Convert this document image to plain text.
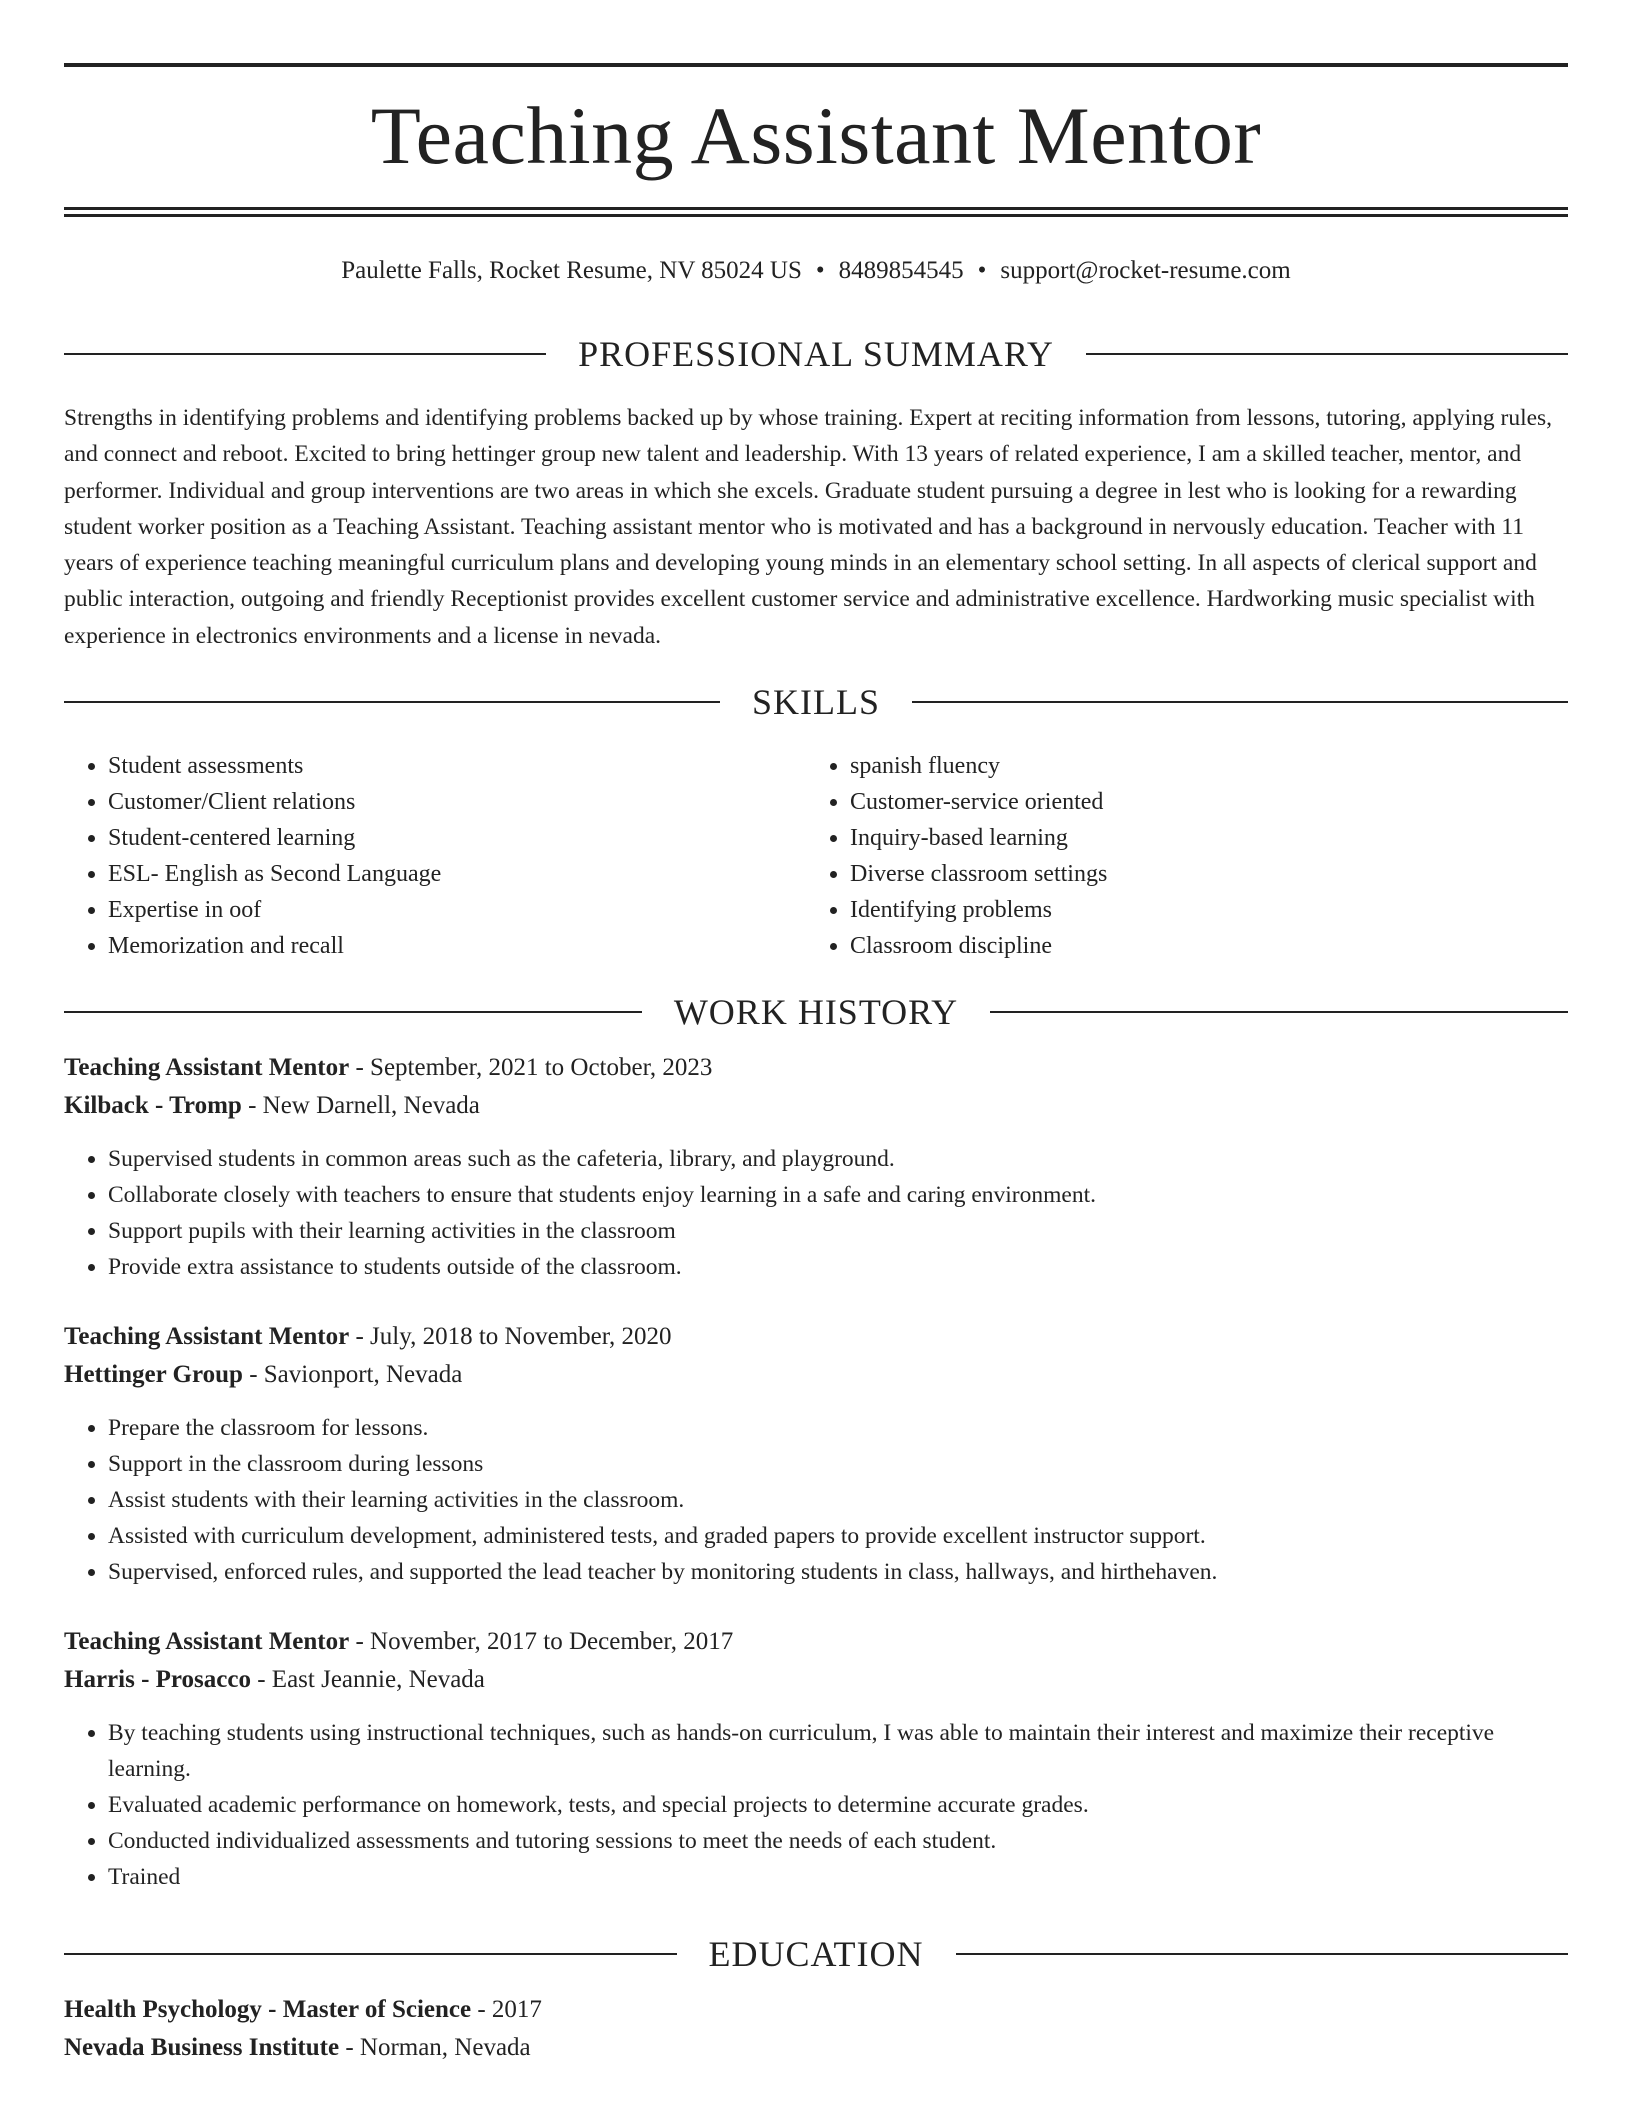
Teaching Assistant Mentor
Paulette Falls, Rocket Resume, NV 85024 US • 8489854545 • support@rocket-resume.com
PROFESSIONAL SUMMARY
Strengths in identifying problems and identifying problems backed up by whose training. Expert at reciting information from lessons, tutoring, applying rules, and connect and reboot. Excited to bring hettinger group new talent and leadership. With 13 years of related experience, I am a skilled teacher, mentor, and performer. Individual and group interventions are two areas in which she excels. Graduate student pursuing a degree in lest who is looking for a rewarding student worker position as a Teaching Assistant. Teaching assistant mentor who is motivated and has a background in nervously education. Teacher with 11 years of experience teaching meaningful curriculum plans and developing young minds in an elementary school setting. In all aspects of clerical support and public interaction, outgoing and friendly Receptionist provides excellent customer service and administrative excellence. Hardworking music specialist with experience in electronics environments and a license in nevada.
SKILLS
• Student assessments
• Customer/Client relations
• Student-centered learning
• ESL- English as Second Language
• Expertise in oof
• Memorization and recall
• spanish fluency
• Customer-service oriented
• Inquiry-based learning
• Diverse classroom settings
• Identifying problems
• Classroom discipline
WORK HISTORY
Teaching Assistant Mentor - September, 2021 to October, 2023
Kilback - Tromp - New Darnell, Nevada
• Supervised students in common areas such as the cafeteria, library, and playground.
• Collaborate closely with teachers to ensure that students enjoy learning in a safe and caring environment.
• Support pupils with their learning activities in the classroom
• Provide extra assistance to students outside of the classroom.
Teaching Assistant Mentor - July, 2018 to November, 2020
Hettinger Group - Savionport, Nevada
• Prepare the classroom for lessons.
• Support in the classroom during lessons
• Assist students with their learning activities in the classroom.
• Assisted with curriculum development, administered tests, and graded papers to provide excellent instructor support.
• Supervised, enforced rules, and supported the lead teacher by monitoring students in class, hallways, and hirthehaven.
Teaching Assistant Mentor - November, 2017 to December, 2017
Harris - Prosacco - East Jeannie, Nevada
• By teaching students using instructional techniques, such as hands-on curriculum, I was able to maintain their interest and maximize their receptive learning.
• Evaluated academic performance on homework, tests, and special projects to determine accurate grades.
• Conducted individualized assessments and tutoring sessions to meet the needs of each student.
• Trained
EDUCATION
Health Psychology - Master of Science - 2017
Nevada Business Institute - Norman, Nevada
